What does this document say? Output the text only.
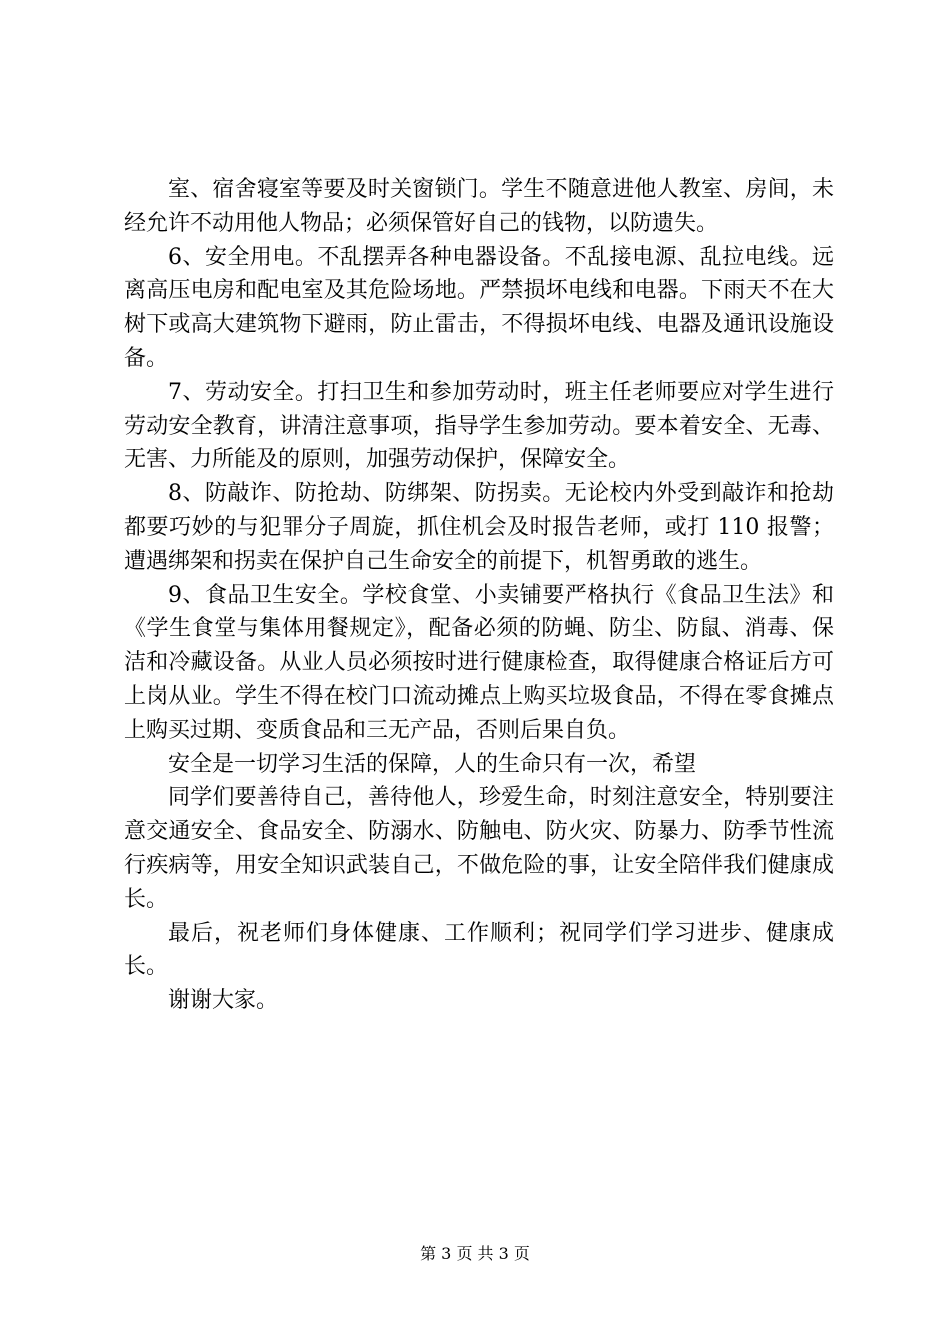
室、宿舍寝室等要及时关窗锁门。学生不随意进他人教室、房间，未经允许不动用他人物品；必须保管好自己的钱物，以防遗失。

6、安全用电。不乱摆弄各种电器设备。不乱接电源、乱拉电线。远离高压电房和配电室及其危险场地。严禁损坏电线和电器。下雨天不在大树下或高大建筑物下避雨，防止雷击，不得损坏电线、电器及通讯设施设备。

7、劳动安全。打扫卫生和参加劳动时，班主任老师要应对学生进行劳动安全教育，讲清注意事项，指导学生参加劳动。要本着安全、无毒、无害、力所能及的原则，加强劳动保护，保障安全。

8、防敲诈、防抢劫、防绑架、防拐卖。无论校内外受到敲诈和抢劫都要巧妙的与犯罪分子周旋，抓住机会及时报告老师，或打 110 报警；遭遇绑架和拐卖在保护自己生命安全的前提下，机智勇敢的逃生。

9、食品卫生安全。学校食堂、小卖铺要严格执行《食品卫生法》和《学生食堂与集体用餐规定》，配备必须的防蝇、防尘、防鼠、消毒、保洁和冷藏设备。从业人员必须按时进行健康检查，取得健康合格证后方可上岗从业。学生不得在校门口流动摊点上购买垃圾食品，不得在零食摊点上购买过期、变质食品和三无产品，否则后果自负。

安全是一切学习生活的保障，人的生命只有一次，希望

同学们要善待自己，善待他人，珍爱生命，时刻注意安全，特别要注意交通安全、食品安全、防溺水、防触电、防火灾、防暴力、防季节性流行疾病等，用安全知识武装自己，不做危险的事，让安全陪伴我们健康成长。

最后，祝老师们身体健康、工作顺利；祝同学们学习进步、健康成长。

谢谢大家。

第 3 页 共 3 页
